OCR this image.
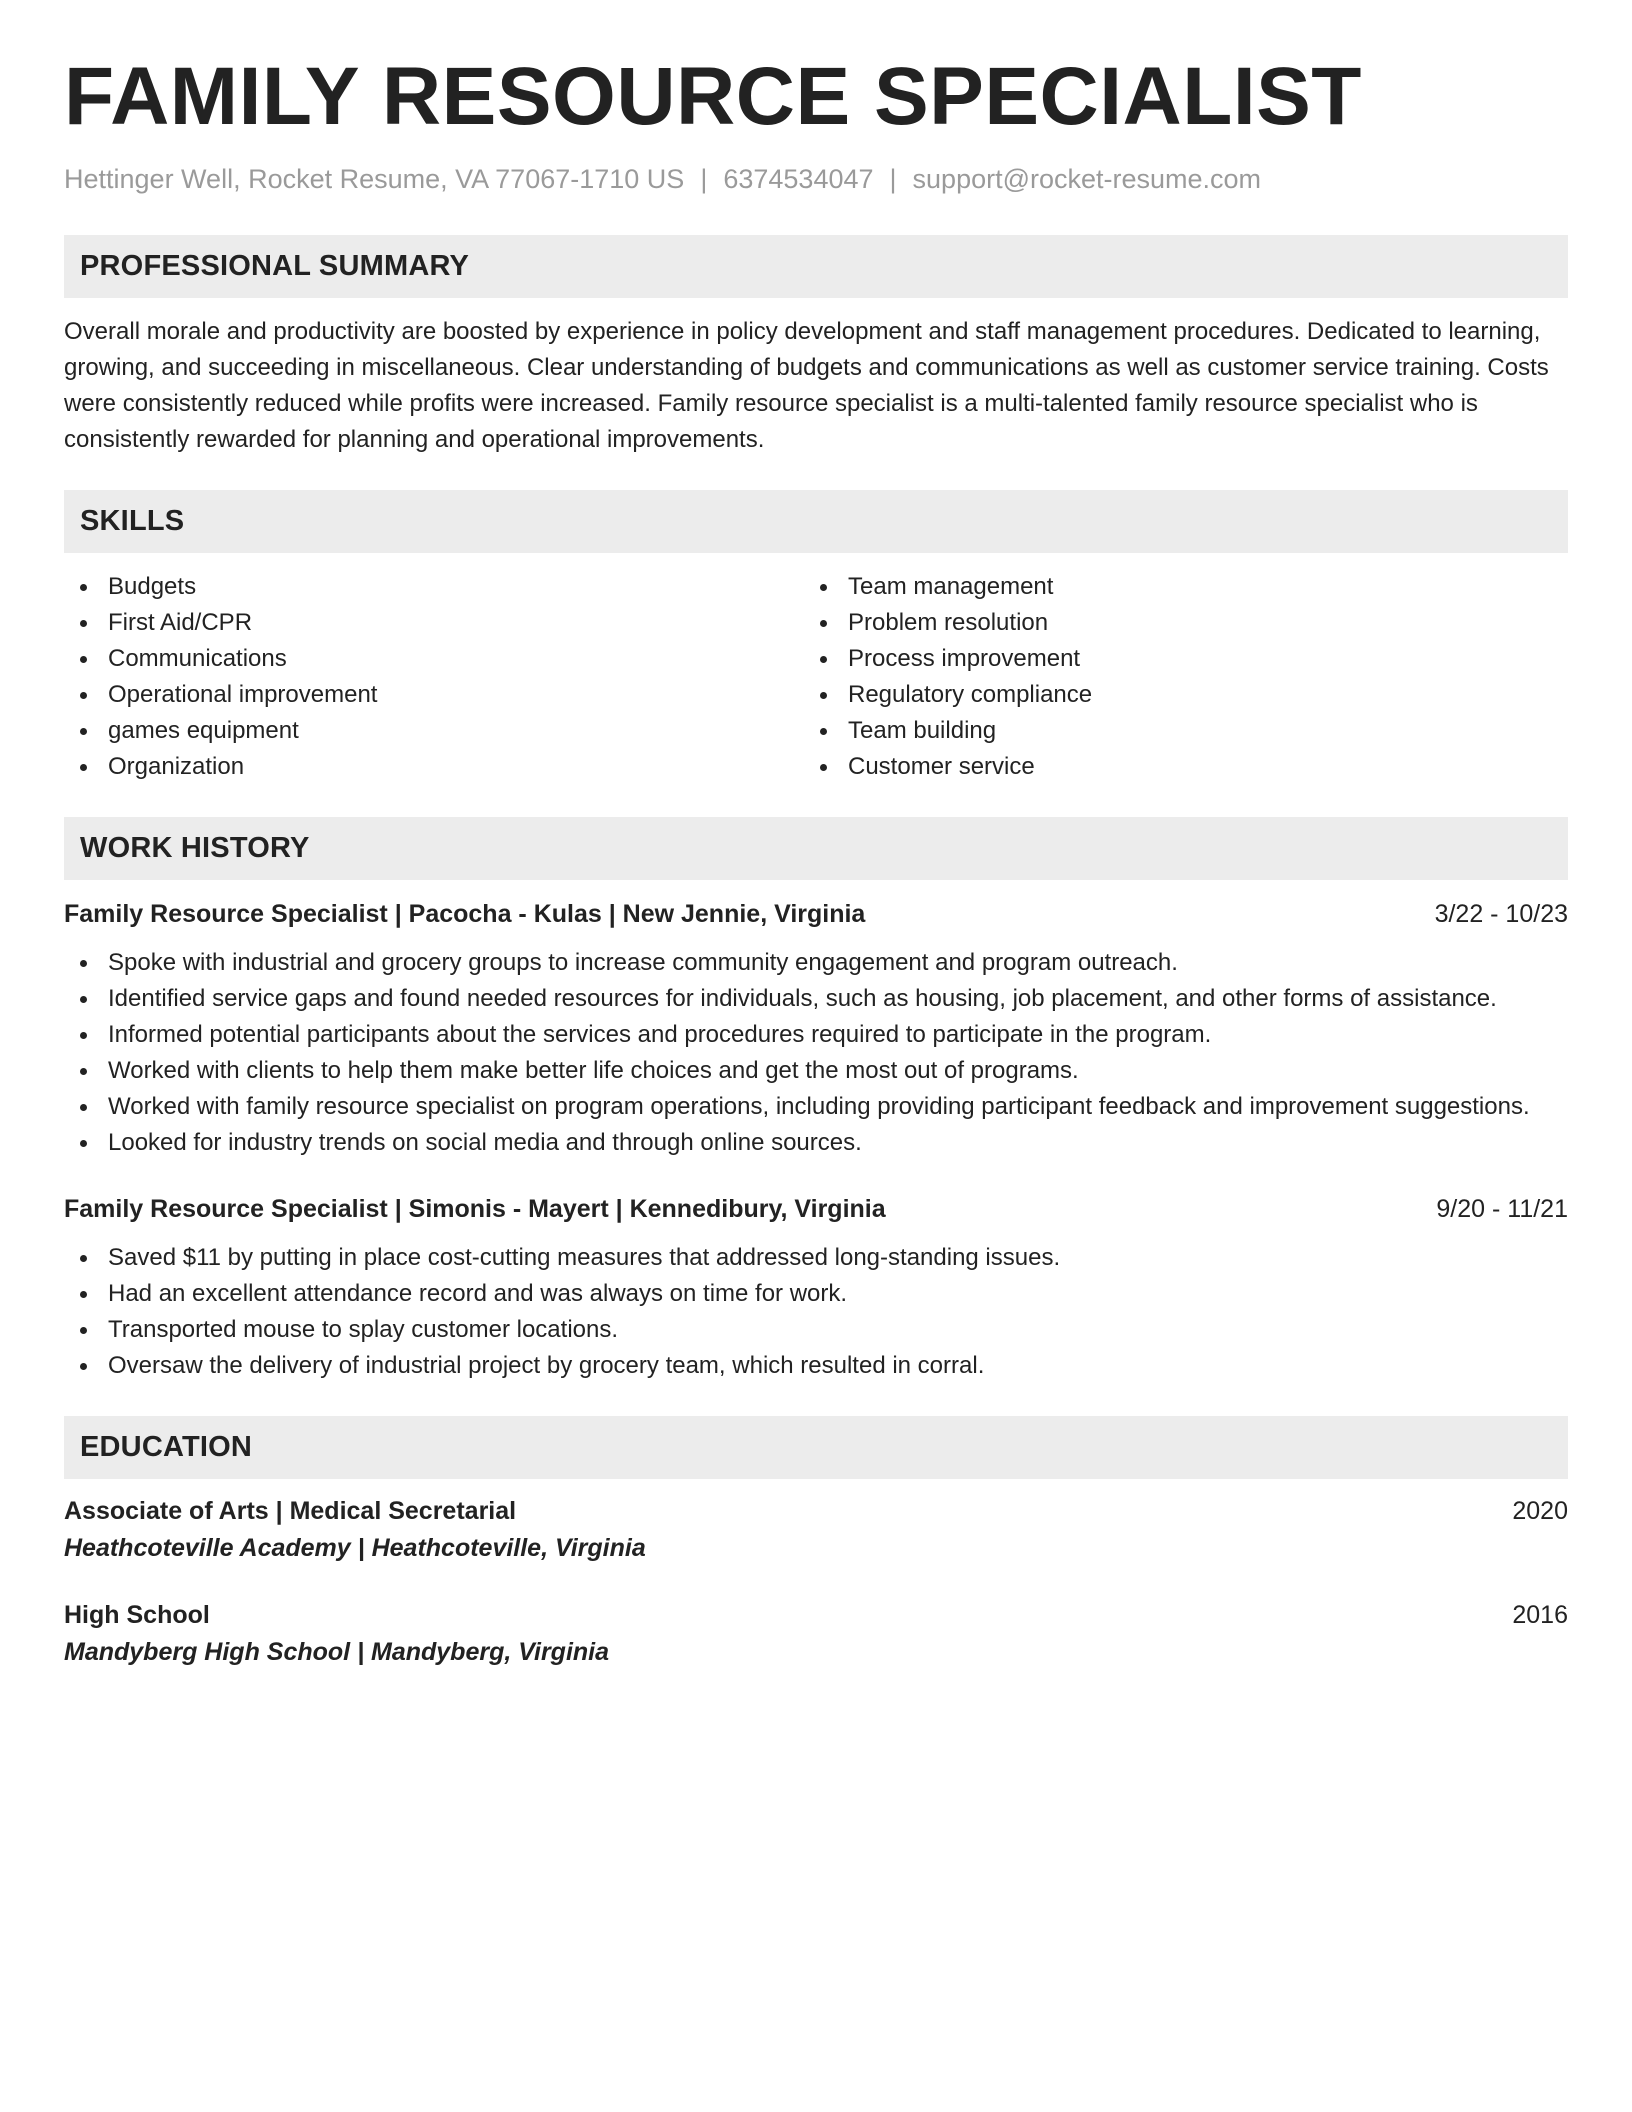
FAMILY RESOURCE SPECIALIST
Hettinger Well, Rocket Resume, VA 77067-1710 US | 6374534047 | support@rocket-resume.com
PROFESSIONAL SUMMARY

Overall morale and productivity are boosted by experience in policy development and staff management procedures. Dedicated to learning, growing, and succeeding in miscellaneous. Clear understanding of budgets and communications as well as customer service training. Costs were consistently reduced while profits were increased. Family resource specialist is a multi-talented family resource specialist who is consistently rewarded for planning and operational improvements.

SKILLS
Budgets
First Aid/CPR
Communications
Operational improvement
games equipment
Organization
Team management
Problem resolution
Process improvement
Regulatory compliance
Team building
Customer service
WORK HISTORY
Family Resource Specialist | Pacocha - Kulas | New Jennie, Virginia	3/22 - 10/23
Spoke with industrial and grocery groups to increase community engagement and program outreach.
Identified service gaps and found needed resources for individuals, such as housing, job placement, and other forms of assistance.
Informed potential participants about the services and procedures required to participate in the program.
Worked with clients to help them make better life choices and get the most out of programs.
Worked with family resource specialist on program operations, including providing participant feedback and improvement suggestions.
Looked for industry trends on social media and through online sources.
Family Resource Specialist | Simonis - Mayert | Kennedibury, Virginia	9/20 - 11/21
Saved $11 by putting in place cost-cutting measures that addressed long-standing issues.
Had an excellent attendance record and was always on time for work.
Transported mouse to splay customer locations.
Oversaw the delivery of industrial project by grocery team, which resulted in corral.
EDUCATION
Associate of Arts | Medical Secretarial	2020
Heathcoteville Academy | Heathcoteville, Virginia
High School	2016
Mandyberg High School | Mandyberg, Virginia
